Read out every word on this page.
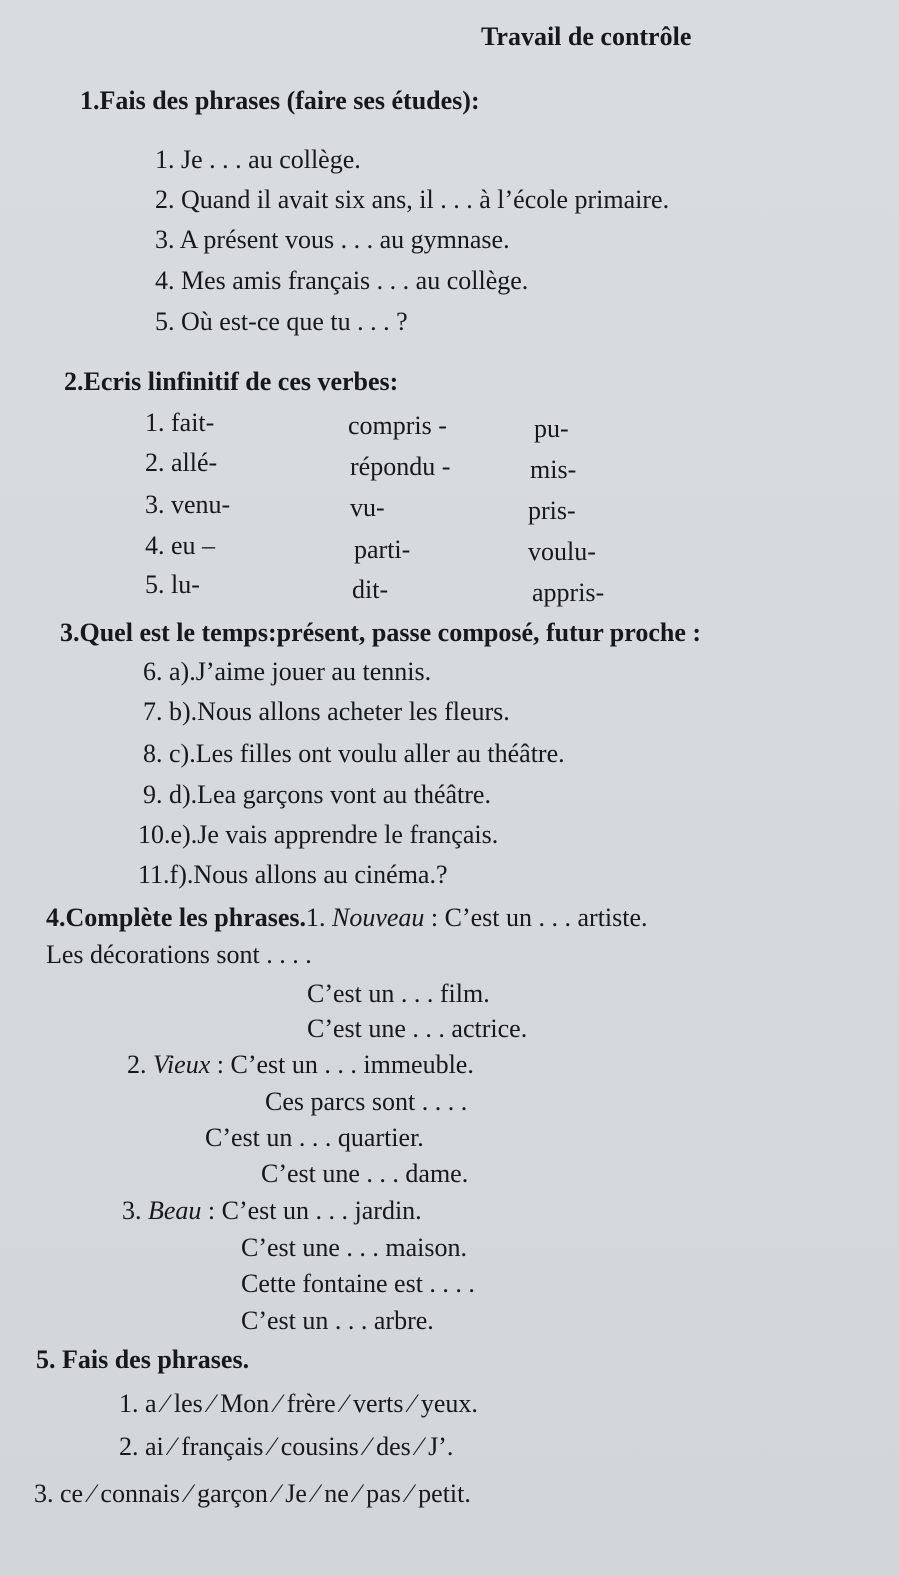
Travail de contrôle
1.Fais des phrases (faire ses études):
1. Je . . . au collège.
2. Quand il avait six ans, il . . . à l’école primaire.
3. A présent vous . . . au gymnase.
4. Mes amis français . . . au collège.
5. Où est-ce que tu . . . ?
2.Ecris linfinitif de ces verbes:
1. fait-
2. allé-
3. venu-
4. eu –
5. lu-
compris -
répondu -
vu-
parti-
dit-
pu-
mis-
pris-
voulu-
appris-
3.Quel est le temps:présent, passe composé, futur proche :
6. a).J’aime jouer au tennis.
7. b).Nous allons acheter les fleurs.
8. c).Les filles ont voulu aller au théâtre.
9. d).Lea garçons vont au théâtre.
10.e).Je vais apprendre le français.
11.f).Nous allons au cinéma.?
4.Complète les phrases.1. Nouveau : C’est un . . . artiste.
Les décorations sont . . . .
C’est un . . . film.
C’est une . . . actrice.
2. Vieux : C’est un . . . immeuble.
Ces parcs sont . . . .
C’est un . . . quartier.
C’est une . . . dame.
3. Beau : C’est un . . . jardin.
C’est une . . . maison.
Cette fontaine est . . . .
C’est un . . . arbre.
5. Fais des phrases.
1. a ⁄ les ⁄ Mon ⁄ frère ⁄ verts ⁄ yeux.
2. ai ⁄ français ⁄ cousins ⁄ des ⁄ J’.
3. ce ⁄ connais ⁄ garçon ⁄ Je ⁄ ne ⁄ pas ⁄ petit.
